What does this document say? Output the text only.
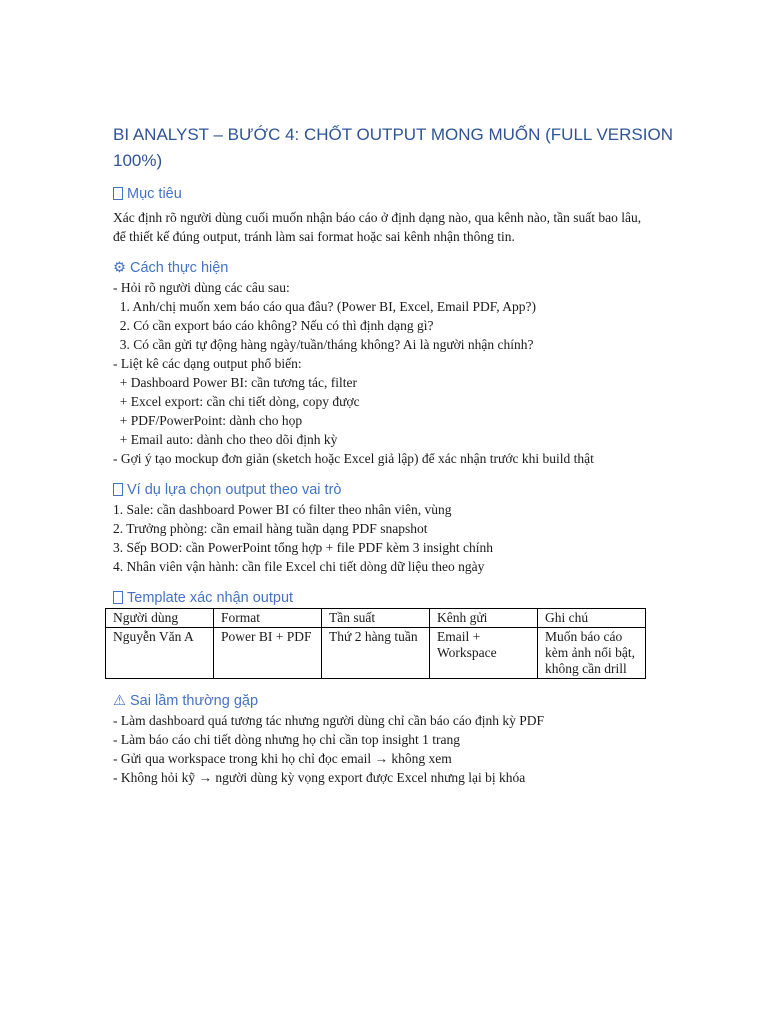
BI ANALYST – BƯỚC 4: CHỐT OUTPUT MONG MUỐN (FULL VERSION 100%)
Mục tiêu

Xác định rõ người dùng cuối muốn nhận báo cáo ở định dạng nào, qua kênh nào, tần suất bao lâu,

để thiết kế đúng output, tránh làm sai format hoặc sai kênh nhận thông tin.

⚙ Cách thực hiện

- Hỏi rõ người dùng các câu sau:

1. Anh/chị muốn xem báo cáo qua đâu? (Power BI, Excel, Email PDF, App?)

2. Có cần export báo cáo không? Nếu có thì định dạng gì?

3. Có cần gửi tự động hàng ngày/tuần/tháng không? Ai là người nhận chính?

- Liệt kê các dạng output phổ biến:

+ Dashboard Power BI: cần tương tác, filter

+ Excel export: cần chi tiết dòng, copy được

+ PDF/PowerPoint: dành cho họp

+ Email auto: dành cho theo dõi định kỳ

- Gợi ý tạo mockup đơn giản (sketch hoặc Excel giả lập) để xác nhận trước khi build thật

Ví dụ lựa chọn output theo vai trò

1. Sale: cần dashboard Power BI có filter theo nhân viên, vùng

2. Trưởng phòng: cần email hàng tuần dạng PDF snapshot

3. Sếp BOD: cần PowerPoint tổng hợp + file PDF kèm 3 insight chính

4. Nhân viên vận hành: cần file Excel chi tiết dòng dữ liệu theo ngày

Template xác nhận output
Người dùng	Format	Tần suất	Kênh gửi	Ghi chú
Nguyễn Văn A	Power BI + PDF	Thứ 2 hàng tuần	Email +
Workspace	Muốn báo cáo
kèm ảnh nổi bật,
không cần drill
⚠ Sai lầm thường gặp

- Làm dashboard quá tương tác nhưng người dùng chỉ cần báo cáo định kỳ PDF

- Làm báo cáo chi tiết dòng nhưng họ chỉ cần top insight 1 trang

- Gửi qua workspace trong khi họ chỉ đọc email → không xem

- Không hỏi kỹ → người dùng kỳ vọng export được Excel nhưng lại bị khóa
